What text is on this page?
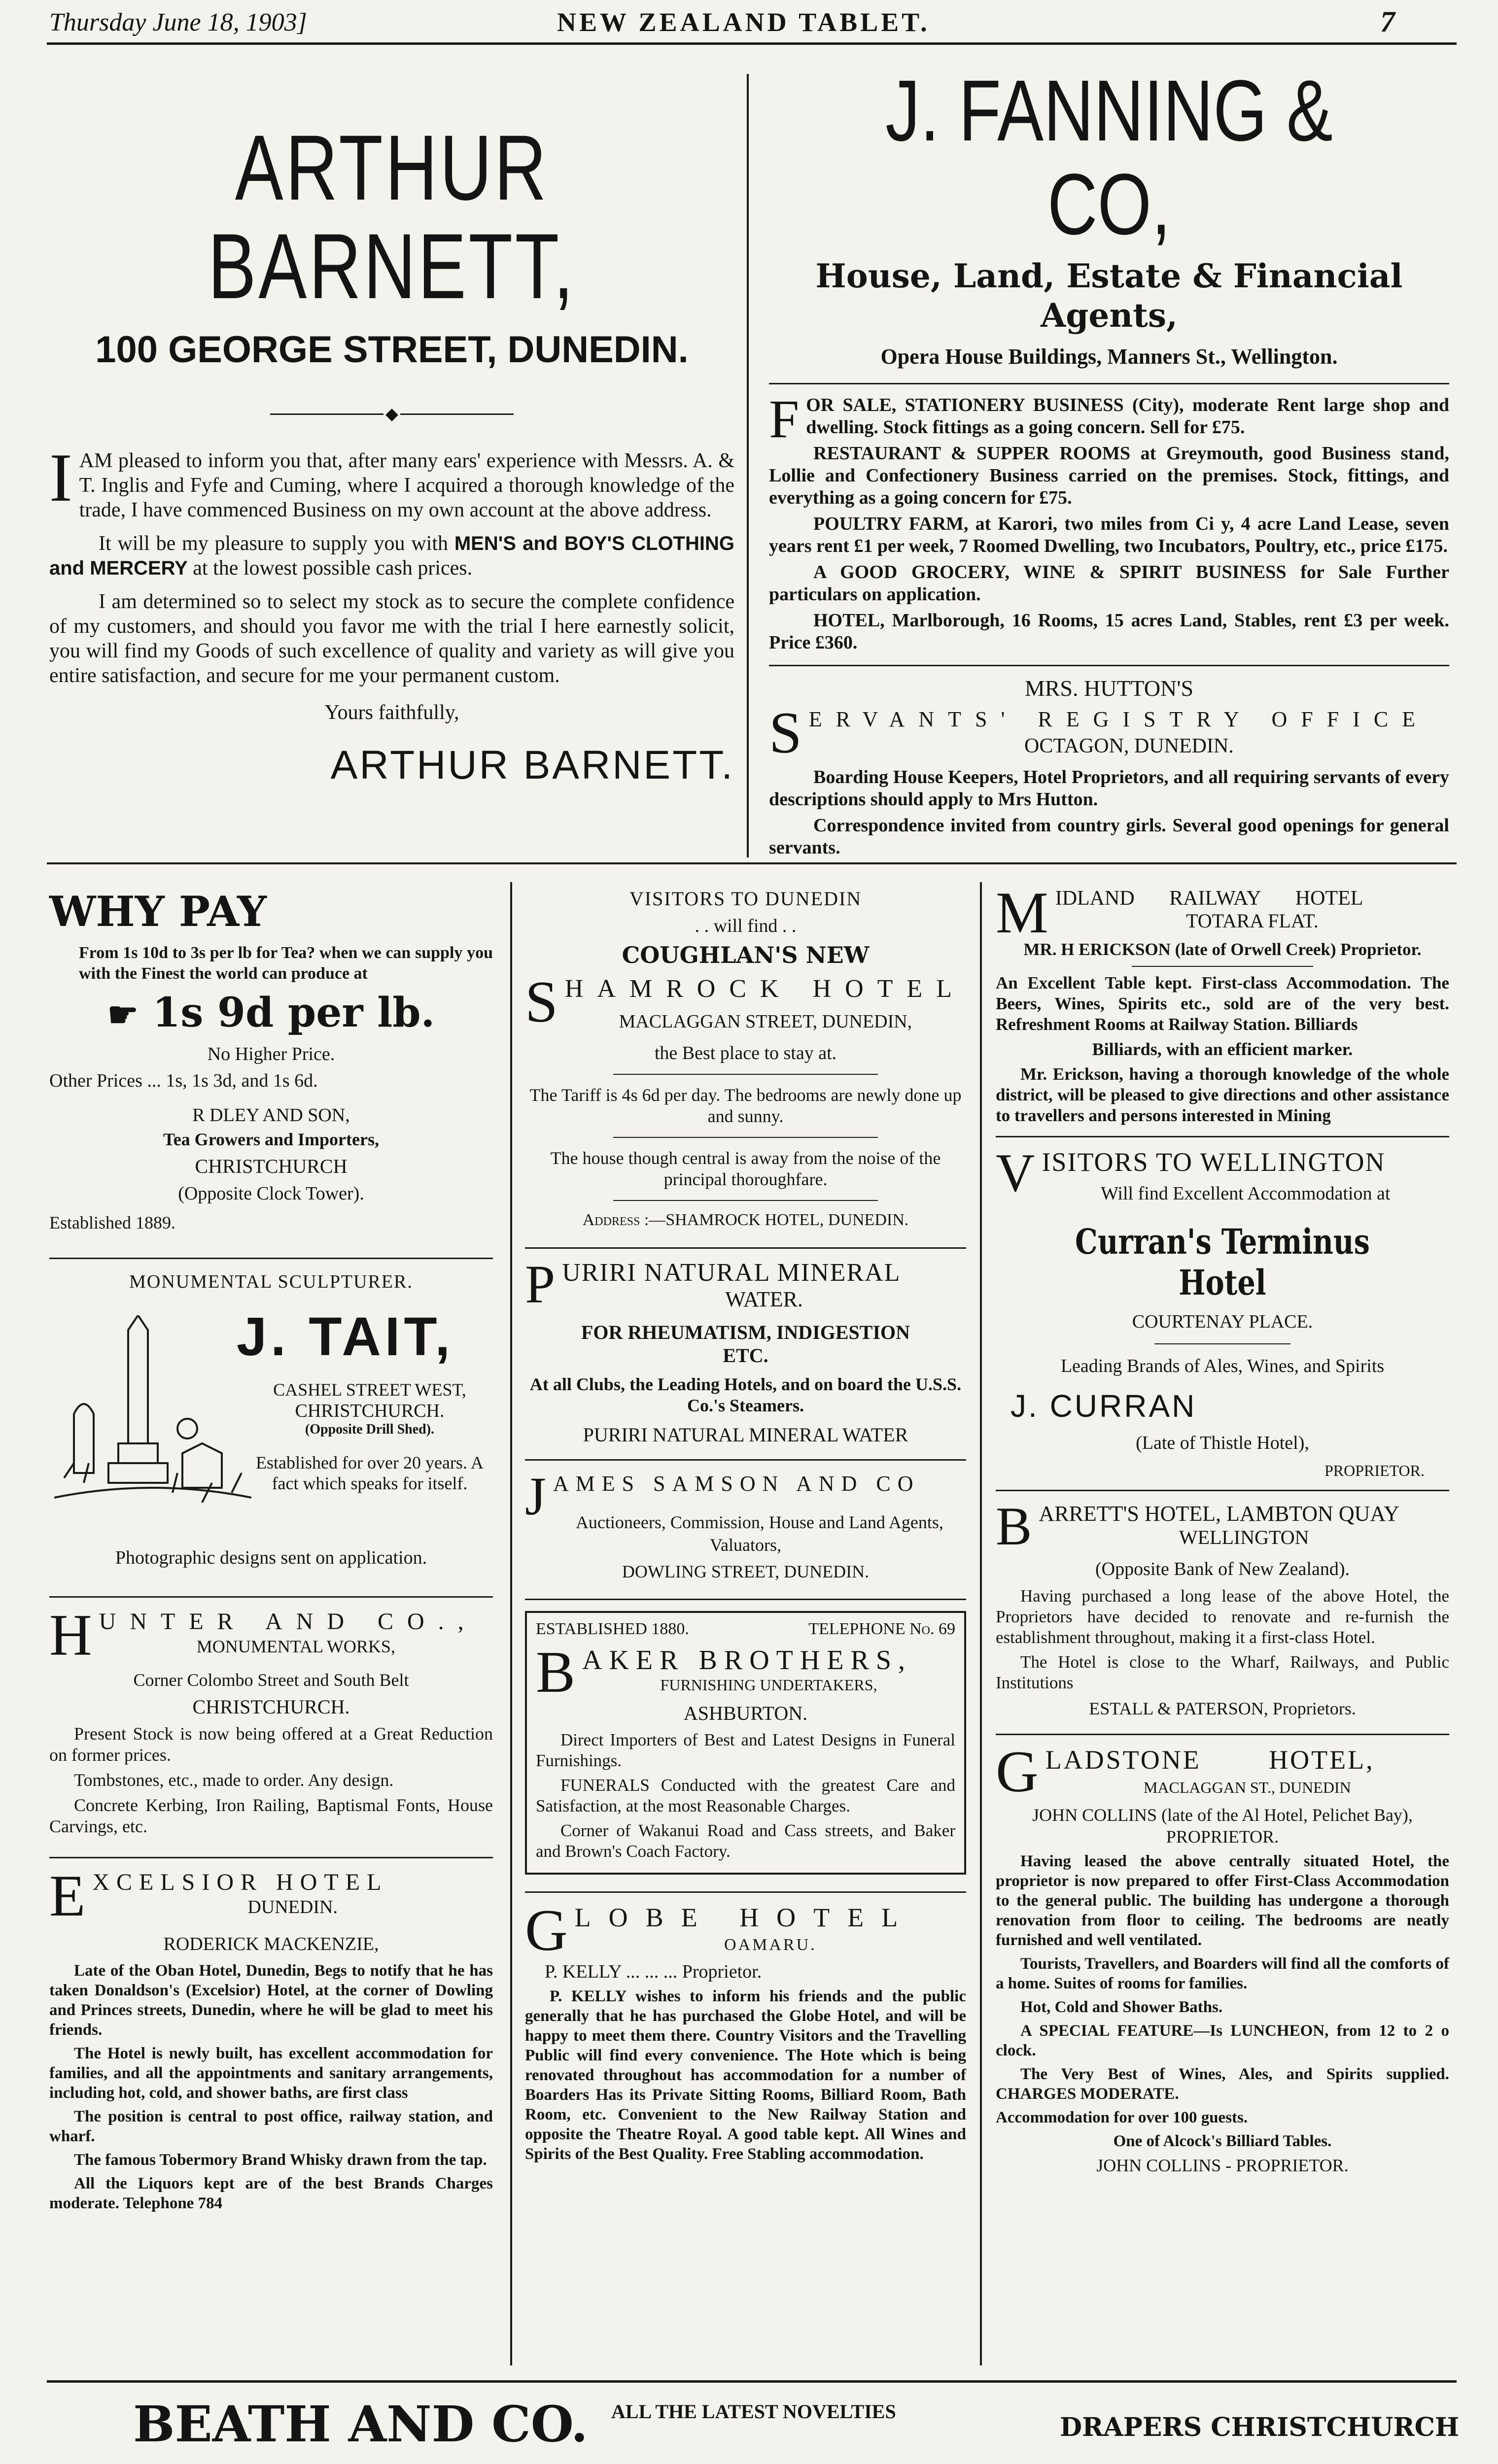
Thursday June 18, 1903]	NEW ZEALAND TABLET.	7
ARTHUR BARNETT,
100 GEORGE STREET, DUNEDIN.
◆

IAM pleased to inform you that, after many ears' experience with Messrs. A. & T. Inglis and Fyfe and Cuming, where I acquired a thorough knowledge of the trade, I have commenced Business on my own account at the above address.

It will be my pleasure to supply you with MEN'S and BOY'S CLOTHING and MERCERY at the lowest possible cash prices.

I am determined so to select my stock as to secure the complete confidence of my customers, and should you favor me with the trial I here earnestly solicit, you will find my Goods of such excellence of quality and variety as will give you entire satisfaction, and secure for me your permanent custom.

Yours faithfully,
ARTHUR BARNETT.
J. FANNING & CO,
House, Land, Estate & Financial Agents,
Opera House Buildings, Manners St., Wellington.

FOR SALE, STATIONERY BUSINESS (City), moderate Rent large shop and dwelling. Stock fittings as a going concern. Sell for £75.

RESTAURANT & SUPPER ROOMS at Greymouth, good Business stand, Lollie and Confectionery Business carried on the premises. Stock, fittings, and everything as a going concern for £75.

POULTRY FARM, at Karori, two miles from Ci y, 4 acre Land Lease, seven years rent £1 per week, 7 Roomed Dwelling, two Incubators, Poultry, etc., price £175.

A GOOD GROCERY, WINE & SPIRIT BUSINESS for Sale Further particulars on application.

HOTEL, Marlborough, 16 Rooms, 15 acres Land, Stables, rent £3 per week. Price £360.

MRS. HUTTON'S
S ERVANTS' REGISTRY OFFICE
OCTAGON, DUNEDIN.

Boarding House Keepers, Hotel Proprietors, and all requiring servants of every descriptions should apply to Mrs Hutton.

Correspondence invited from country girls. Several good openings for general servants.

WHY PAY

From 1s 10d to 3s per lb for Tea? when we can supply you with the Finest the world can produce at

☛ 1s 9d per lb.
No Higher Price.
Other Prices ... 1s, 1s 3d, and 1s 6d.
R DLEY AND SON,
Tea Growers and Importers,
CHRISTCHURCH
(Opposite Clock Tower).
Established 1889.
MONUMENTAL SCULPTURER.
J. TAIT,
CASHEL STREET WEST,
CHRISTCHURCH.
(Opposite Drill Shed).
Established for over 20 years. A fact which speaks for itself.
Photographic designs sent on application.
H UNTER AND CO.,
MONUMENTAL WORKS,
Corner Colombo Street and South Belt
CHRISTCHURCH.

Present Stock is now being offered at a Great Reduction on former prices.

Tombstones, etc., made to order. Any design.

Concrete Kerbing, Iron Railing, Baptismal Fonts, House Carvings, etc.

E XCELSIOR HOTEL
DUNEDIN.
RODERICK MACKENZIE,

Late of the Oban Hotel, Dunedin, Begs to notify that he has taken Donaldson's (Excelsior) Hotel, at the corner of Dowling and Princes streets, Dunedin, where he will be glad to meet his friends.

The Hotel is newly built, has excellent accommodation for families, and all the appointments and sanitary arrangements, including hot, cold, and shower baths, are first class

The position is central to post office, railway station, and wharf.

The famous Tobermory Brand Whisky drawn from the tap.

All the Liquors kept are of the best Brands Charges moderate. Telephone 784

VISITORS TO DUNEDIN
. . will find . .
COUGHLAN'S NEW
S HAMROCK HOTEL
MACLAGGAN STREET, DUNEDIN,
the Best place to stay at.

The Tariff is 4s 6d per day. The bedrooms are newly done up and sunny.

The house though central is away from the noise of the principal thoroughfare.

Address :—SHAMROCK HOTEL, DUNEDIN.
P URIRI NATURAL MINERAL
WATER.
FOR RHEUMATISM, INDIGESTION
ETC.

At all Clubs, the Leading Hotels, and on board the U.S.S. Co.'s Steamers.

PURIRI NATURAL MINERAL WATER
J AMES SAMSON AND CO

Auctioneers, Commission, House and Land Agents, Valuators,

DOWLING STREET, DUNEDIN.
ESTABLISHED 1880.	TELEPHONE No. 69
B AKER BROTHERS,
FURNISHING UNDERTAKERS,
ASHBURTON.

Direct Importers of Best and Latest Designs in Funeral Furnishings.

FUNERALS Conducted with the greatest Care and Satisfaction, at the most Reasonable Charges.

Corner of Wakanui Road and Cass streets, and Baker and Brown's Coach Factory.

G LOBE HOTEL
OAMARU.
P. KELLY ... ... ... Proprietor.

P. KELLY wishes to inform his friends and the public generally that he has purchased the Globe Hotel, and will be happy to meet them there. Country Visitors and the Travelling Public will find every convenience. The Hote which is being renovated throughout has accommodation for a number of Boarders Has its Private Sitting Rooms, Billiard Room, Bath Room, etc. Convenient to the New Railway Station and opposite the Theatre Royal. A good table kept. All Wines and Spirits of the Best Quality. Free Stabling accommodation.

M IDLAND RAILWAY HOTEL
TOTARA FLAT.

MR. H ERICKSON (late of Orwell Creek) Proprietor.

An Excellent Table kept. First-class Accommodation. The Beers, Wines, Spirits etc., sold are of the very best. Refreshment Rooms at Railway Station. Billiards

Billiards, with an efficient marker.

Mr. Erickson, having a thorough knowledge of the whole district, will be pleased to give directions and other assistance to travellers and persons interested in Mining

V ISITORS TO WELLINGTON
Will find Excellent Accommodation at
Curran's Terminus Hotel
COURTENAY PLACE.
Leading Brands of Ales, Wines, and Spirits
J. CURRAN
(Late of Thistle Hotel),
PROPRIETOR.
B ARRETT'S HOTEL, LAMBTON QUAY
WELLINGTON
(Opposite Bank of New Zealand).

Having purchased a long lease of the above Hotel, the Proprietors have decided to renovate and re-furnish the establishment throughout, making it a first-class Hotel.

The Hotel is close to the Wharf, Railways, and Public Institutions

ESTALL & PATERSON, Proprietors.
G LADSTONE HOTEL,
MACLAGGAN ST., DUNEDIN

JOHN COLLINS (late of the Al Hotel, Pelichet Bay), PROPRIETOR.

Having leased the above centrally situated Hotel, the proprietor is now prepared to offer First-Class Accommodation to the general public. The building has undergone a thorough renovation from floor to ceiling. The bedrooms are neatly furnished and well ventilated.

Tourists, Travellers, and Boarders will find all the comforts of a home. Suites of rooms for families.

Hot, Cold and Shower Baths.

A SPECIAL FEATURE—Is LUNCHEON, from 12 to 2 o clock.

The Very Best of Wines, Ales, and Spirits supplied. CHARGES MODERATE.

Accommodation for over 100 guests.

One of Alcock's Billiard Tables.

JOHN COLLINS - PROPRIETOR.
BEATH AND CO. ALL THE LATEST NOVELTIES
DRAPERS CHRISTCHURCH
